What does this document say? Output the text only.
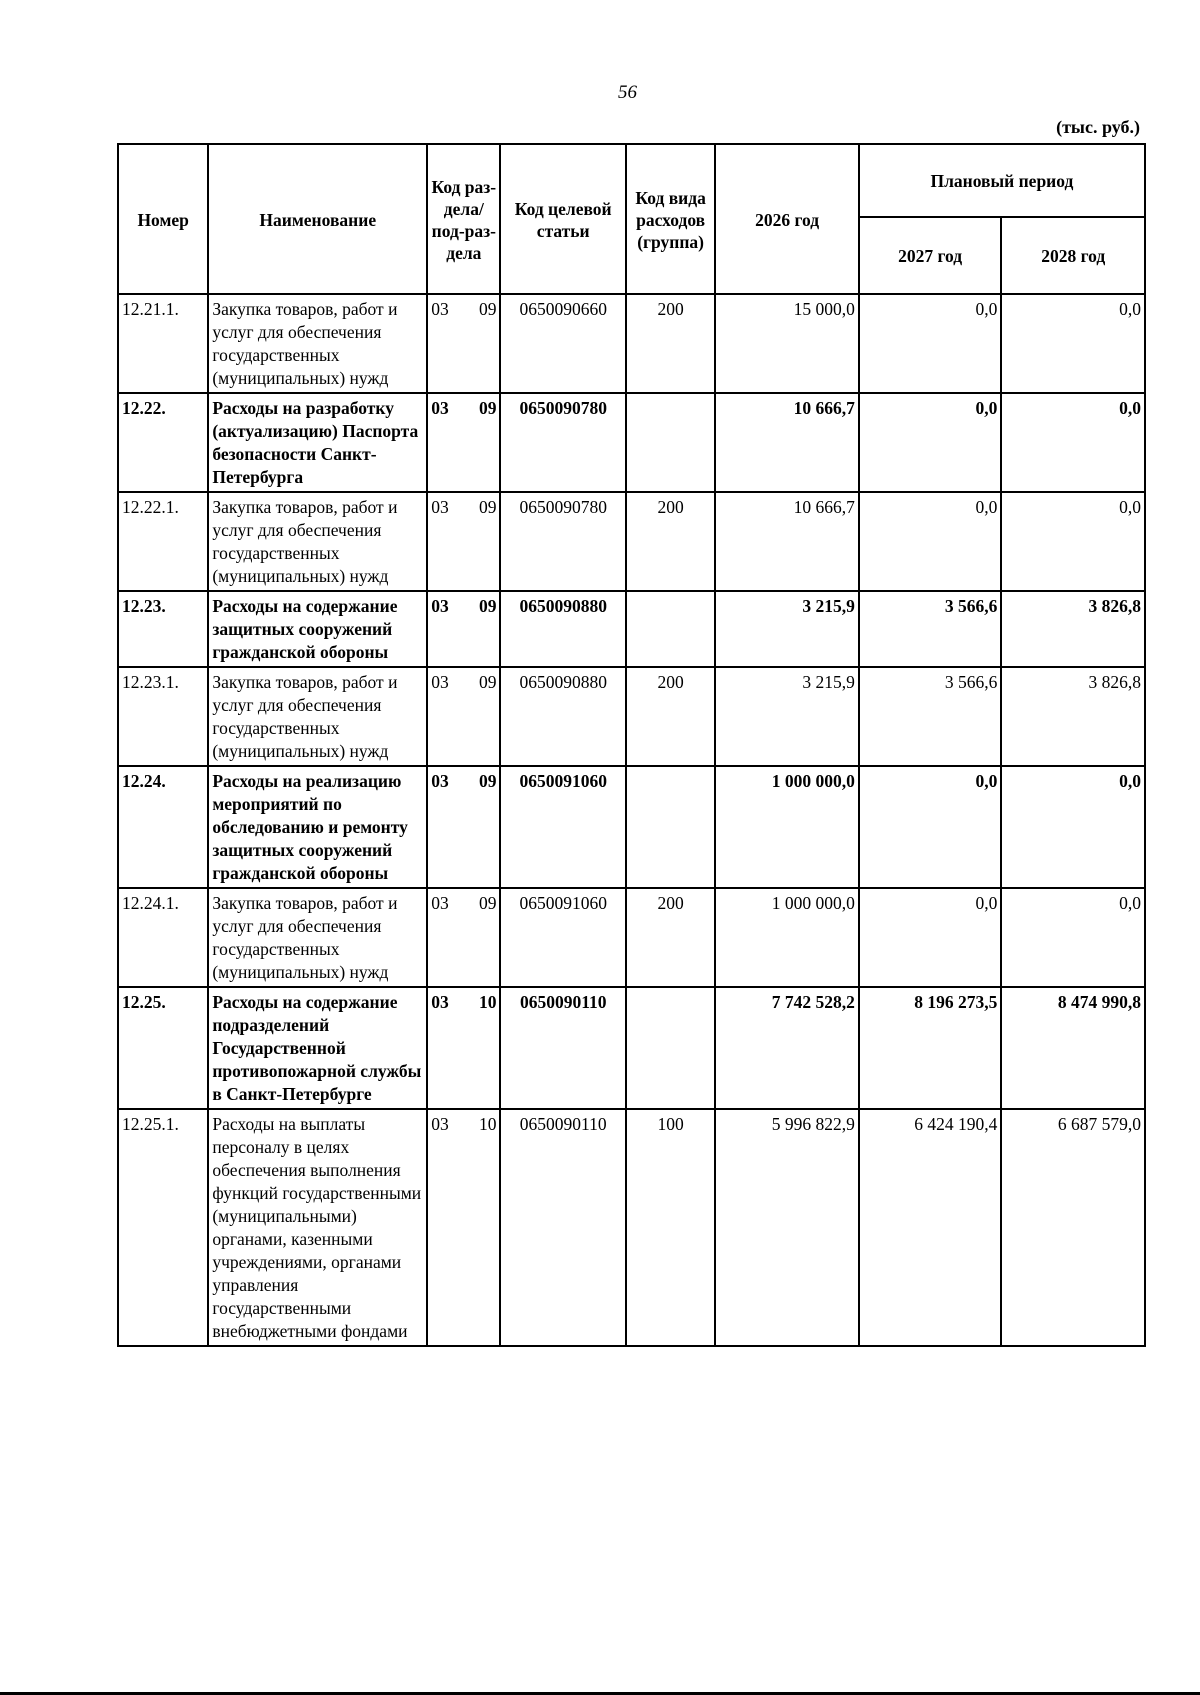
56
(тыс. руб.)
Номер	Наименование	Код раз-дела/ под-раз-дела	Код целевой статьи	Код вида расходов (группа)	2026 год	Плановый период	
						2027 год	2028 год
12.21.1.	Закупка товаров, работ и услуг для обеспечения государственных (муниципальных) нужд	03 09	0650090660	200	15 000,0	0,0	0,0
12.22.	Расходы на разработку (актуализацию) Паспорта безопасности Санкт-Петербурга	03 09	0650090780		10 666,7	0,0	0,0
12.22.1.	Закупка товаров, работ и услуг для обеспечения государственных (муниципальных) нужд	03 09	0650090780	200	10 666,7	0,0	0,0
12.23.	Расходы на содержание защитных сооружений гражданской обороны	03 09	0650090880		3 215,9	3 566,6	3 826,8
12.23.1.	Закупка товаров, работ и услуг для обеспечения государственных (муниципальных) нужд	03 09	0650090880	200	3 215,9	3 566,6	3 826,8
12.24.	Расходы на реализацию мероприятий по обследованию и ремонту защитных сооружений гражданской обороны	03 09	0650091060		1 000 000,0	0,0	0,0
12.24.1.	Закупка товаров, работ и услуг для обеспечения государственных (муниципальных) нужд	03 09	0650091060	200	1 000 000,0	0,0	0,0
12.25.	Расходы на содержание подразделений Государственной противопожарной службы в Санкт-Петербурге	03 10	0650090110		7 742 528,2	8 196 273,5	8 474 990,8
12.25.1.	Расходы на выплаты персоналу в целях обеспечения выполнения функций государственными (муниципальными) органами, казенными учреждениями, органами управления государственными внебюджетными фондами	03 10	0650090110	100	5 996 822,9	6 424 190,4	6 687 579,0
